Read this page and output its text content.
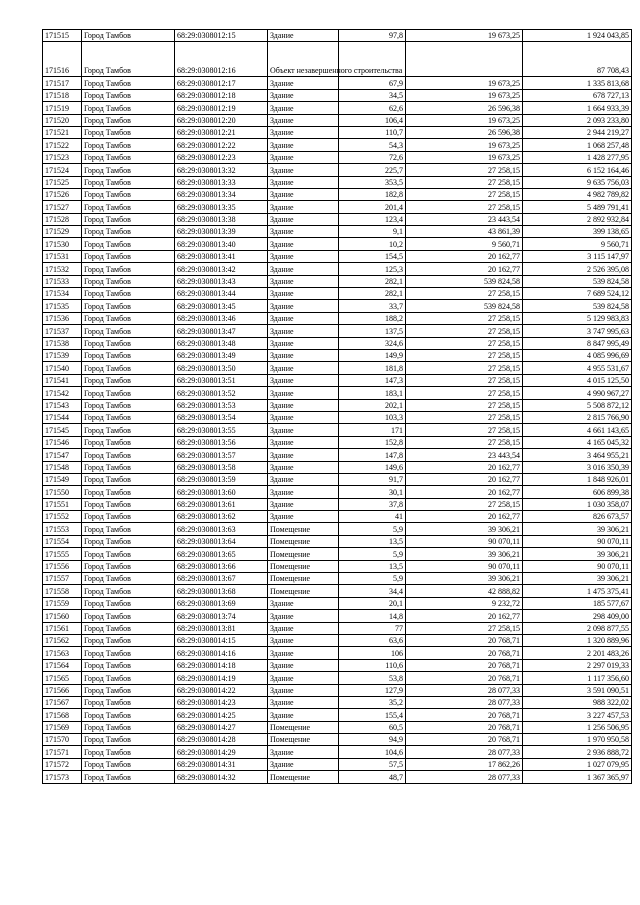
171515	Город Тамбов	68:29:0308012:15	Здание	97,8	19 673,25	1 924 043,85
171516	Город Тамбов	68:29:0308012:16	Объект незавершенного строительства			87 708,43
171517	Город Тамбов	68:29:0308012:17	Здание	67,9	19 673,25	1 335 813,68
171518	Город Тамбов	68:29:0308012:18	Здание	34,5	19 673,25	678 727,13
171519	Город Тамбов	68:29:0308012:19	Здание	62,6	26 596,38	1 664 933,39
171520	Город Тамбов	68:29:0308012:20	Здание	106,4	19 673,25	2 093 233,80
171521	Город Тамбов	68:29:0308012:21	Здание	110,7	26 596,38	2 944 219,27
171522	Город Тамбов	68:29:0308012:22	Здание	54,3	19 673,25	1 068 257,48
171523	Город Тамбов	68:29:0308012:23	Здание	72,6	19 673,25	1 428 277,95
171524	Город Тамбов	68:29:0308013:32	Здание	225,7	27 258,15	6 152 164,46
171525	Город Тамбов	68:29:0308013:33	Здание	353,5	27 258,15	9 635 756,03
171526	Город Тамбов	68:29:0308013:34	Здание	182,8	27 258,15	4 982 789,82
171527	Город Тамбов	68:29:0308013:35	Здание	201,4	27 258,15	5 489 791,41
171528	Город Тамбов	68:29:0308013:38	Здание	123,4	23 443,54	2 892 932,84
171529	Город Тамбов	68:29:0308013:39	Здание	9,1	43 861,39	399 138,65
171530	Город Тамбов	68:29:0308013:40	Здание	10,2	9 560,71	9 560,71
171531	Город Тамбов	68:29:0308013:41	Здание	154,5	20 162,77	3 115 147,97
171532	Город Тамбов	68:29:0308013:42	Здание	125,3	20 162,77	2 526 395,08
171533	Город Тамбов	68:29:0308013:43	Здание	282,1	539 824,58	539 824,58
171534	Город Тамбов	68:29:0308013:44	Здание	282,1	27 258,15	7 689 524,12
171535	Город Тамбов	68:29:0308013:45	Здание	33,7	539 824,58	539 824,58
171536	Город Тамбов	68:29:0308013:46	Здание	188,2	27 258,15	5 129 983,83
171537	Город Тамбов	68:29:0308013:47	Здание	137,5	27 258,15	3 747 995,63
171538	Город Тамбов	68:29:0308013:48	Здание	324,6	27 258,15	8 847 995,49
171539	Город Тамбов	68:29:0308013:49	Здание	149,9	27 258,15	4 085 996,69
171540	Город Тамбов	68:29:0308013:50	Здание	181,8	27 258,15	4 955 531,67
171541	Город Тамбов	68:29:0308013:51	Здание	147,3	27 258,15	4 015 125,50
171542	Город Тамбов	68:29:0308013:52	Здание	183,1	27 258,15	4 990 967,27
171543	Город Тамбов	68:29:0308013:53	Здание	202,1	27 258,15	5 508 872,12
171544	Город Тамбов	68:29:0308013:54	Здание	103,3	27 258,15	2 815 766,90
171545	Город Тамбов	68:29:0308013:55	Здание	171	27 258,15	4 661 143,65
171546	Город Тамбов	68:29:0308013:56	Здание	152,8	27 258,15	4 165 045,32
171547	Город Тамбов	68:29:0308013:57	Здание	147,8	23 443,54	3 464 955,21
171548	Город Тамбов	68:29:0308013:58	Здание	149,6	20 162,77	3 016 350,39
171549	Город Тамбов	68:29:0308013:59	Здание	91,7	20 162,77	1 848 926,01
171550	Город Тамбов	68:29:0308013:60	Здание	30,1	20 162,77	606 899,38
171551	Город Тамбов	68:29:0308013:61	Здание	37,8	27 258,15	1 030 358,07
171552	Город Тамбов	68:29:0308013:62	Здание	41	20 162,77	826 673,57
171553	Город Тамбов	68:29:0308013:63	Помещение	5,9	39 306,21	39 306,21
171554	Город Тамбов	68:29:0308013:64	Помещение	13,5	90 070,11	90 070,11
171555	Город Тамбов	68:29:0308013:65	Помещение	5,9	39 306,21	39 306,21
171556	Город Тамбов	68:29:0308013:66	Помещение	13,5	90 070,11	90 070,11
171557	Город Тамбов	68:29:0308013:67	Помещение	5,9	39 306,21	39 306,21
171558	Город Тамбов	68:29:0308013:68	Помещение	34,4	42 888,82	1 475 375,41
171559	Город Тамбов	68:29:0308013:69	Здание	20,1	9 232,72	185 577,67
171560	Город Тамбов	68:29:0308013:74	Здание	14,8	20 162,77	298 409,00
171561	Город Тамбов	68:29:0308013:81	Здание	77	27 258,15	2 098 877,55
171562	Город Тамбов	68:29:0308014:15	Здание	63,6	20 768,71	1 320 889,96
171563	Город Тамбов	68:29:0308014:16	Здание	106	20 768,71	2 201 483,26
171564	Город Тамбов	68:29:0308014:18	Здание	110,6	20 768,71	2 297 019,33
171565	Город Тамбов	68:29:0308014:19	Здание	53,8	20 768,71	1 117 356,60
171566	Город Тамбов	68:29:0308014:22	Здание	127,9	28 077,33	3 591 090,51
171567	Город Тамбов	68:29:0308014:23	Здание	35,2	28 077,33	988 322,02
171568	Город Тамбов	68:29:0308014:25	Здание	155,4	20 768,71	3 227 457,53
171569	Город Тамбов	68:29:0308014:27	Помещение	60,5	20 768,71	1 256 506,95
171570	Город Тамбов	68:29:0308014:28	Помещение	94,9	20 768,71	1 970 950,58
171571	Город Тамбов	68:29:0308014:29	Здание	104,6	28 077,33	2 936 888,72
171572	Город Тамбов	68:29:0308014:31	Здание	57,5	17 862,26	1 027 079,95
171573	Город Тамбов	68:29:0308014:32	Помещение	48,7	28 077,33	1 367 365,97
